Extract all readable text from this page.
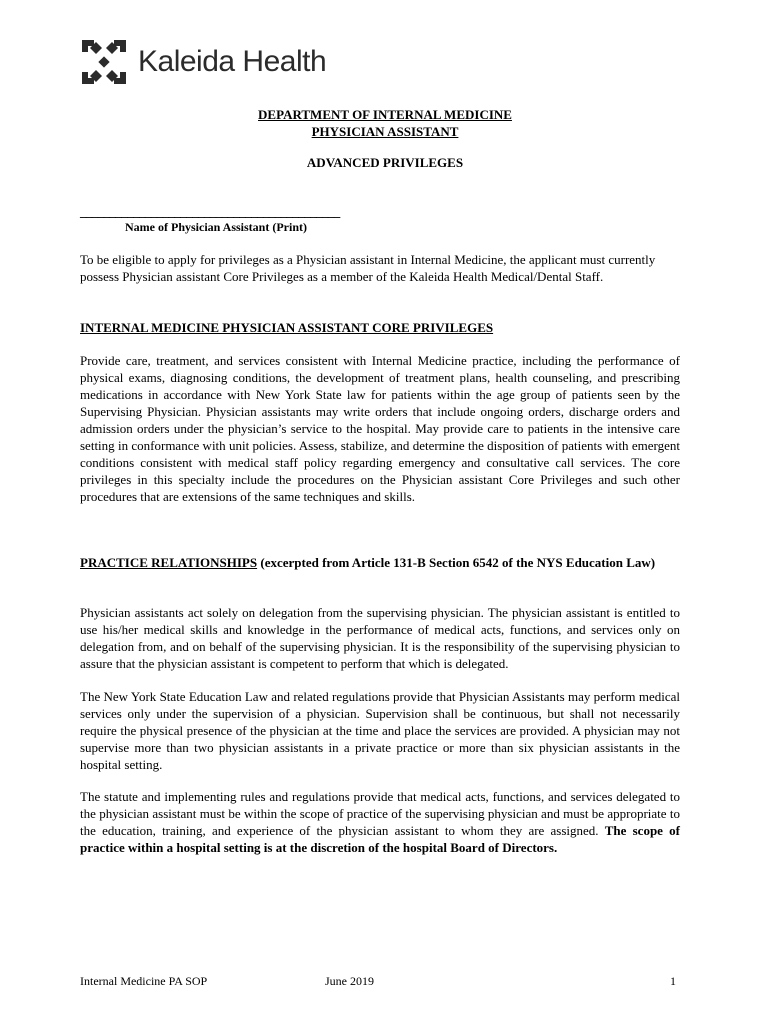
Kaleida Health
DEPARTMENT OF INTERNAL MEDICINE
PHYSICIAN ASSISTANT
ADVANCED PRIVILEGES
____________________________________________
Name of Physician Assistant (Print)

To be eligible to apply for privileges as a Physician assistant in Internal Medicine, the applicant must currently possess Physician assistant Core Privileges as a member of the Kaleida Health Medical/Dental Staff.

INTERNAL MEDICINE PHYSICIAN ASSISTANT CORE PRIVILEGES

Provide care, treatment, and services consistent with Internal Medicine practice, including the performance of physical exams, diagnosing conditions, the development of treatment plans, health counseling, and prescribing medications in accordance with New York State law for patients within the age group of patients seen by the Supervising Physician. Physician assistants may write orders that include ongoing orders, discharge orders and admission orders under the physician’s service to the hospital. May provide care to patients in the intensive care setting in conformance with unit policies. Assess, stabilize, and determine the disposition of patients with emergent conditions consistent with medical staff policy regarding emergency and consultative call services. The core privileges in this specialty include the procedures on the Physician assistant Core Privileges and such other procedures that are extensions of the same techniques and skills.

PRACTICE RELATIONSHIPS (excerpted from Article 131-B Section 6542 of the NYS Education Law)

Physician assistants act solely on delegation from the supervising physician. The physician assistant is entitled to use his/her medical skills and knowledge in the performance of medical acts, functions, and services only on delegation from, and on behalf of the supervising physician. It is the responsibility of the supervising physician to assure that the physician assistant is competent to perform that which is delegated.

The New York State Education Law and related regulations provide that Physician Assistants may perform medical services only under the supervision of a physician. Supervision shall be continuous, but shall not necessarily require the physical presence of the physician at the time and place the services are provided. A physician may not supervise more than two physician assistants in a private practice or more than six physician assistants in the hospital setting.

The statute and implementing rules and regulations provide that medical acts, functions, and services delegated to the physician assistant must be within the scope of practice of the supervising physician and must be appropriate to the education, training, and experience of the physician assistant to whom they are assigned. The scope of practice within a hospital setting is at the discretion of the hospital Board of Directors.

Internal Medicine PA SOP	June 2019	1
